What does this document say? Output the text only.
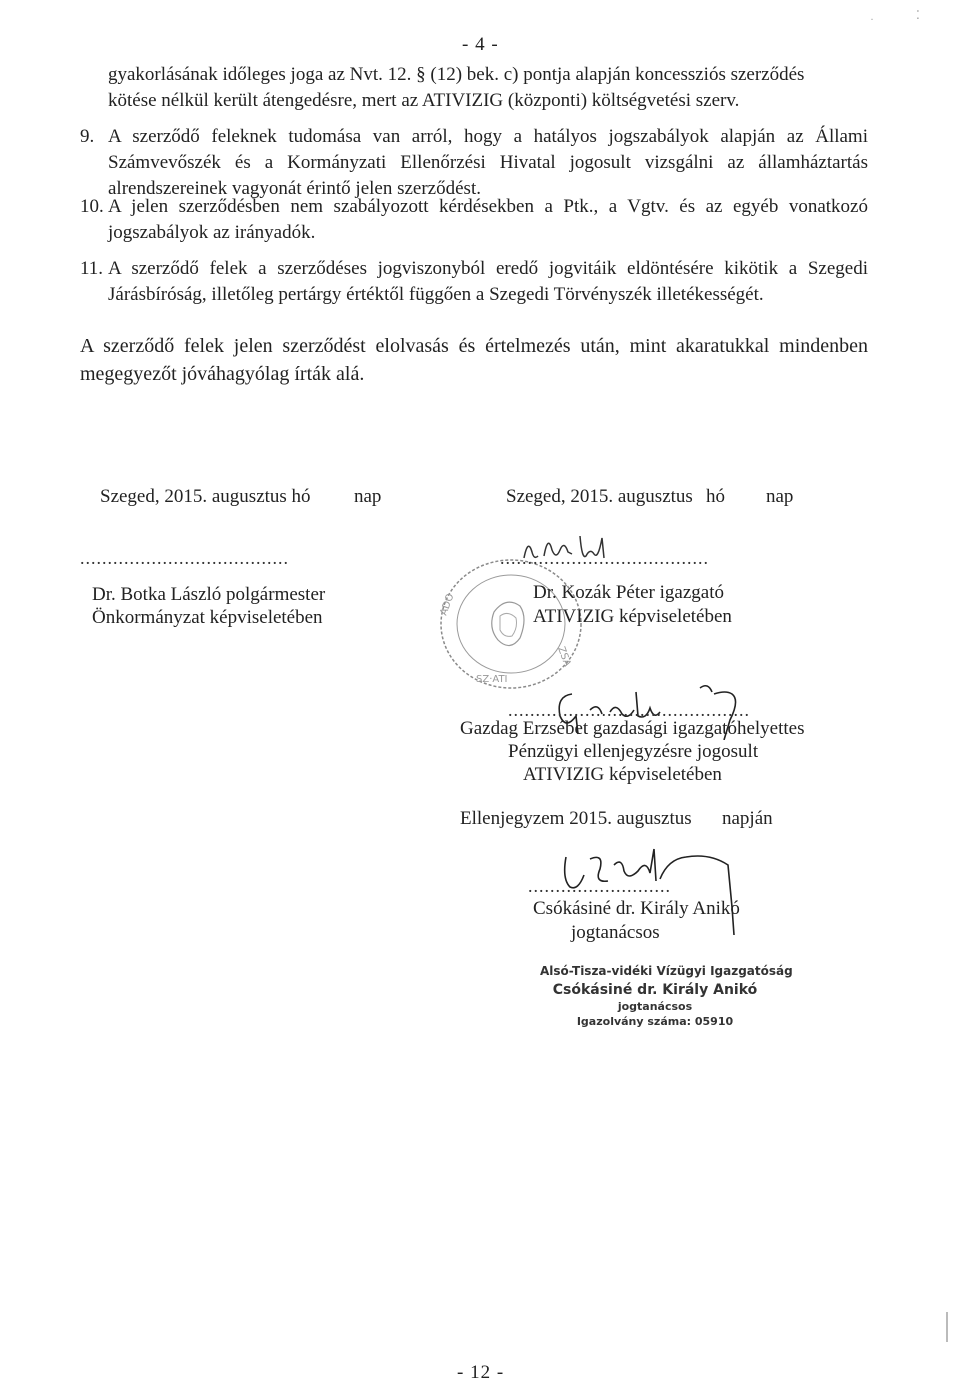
- 4 -
·	⁚
gyakorlásának időleges joga az Nvt. 12. § (12) bek. c) pontja alapján koncessziós szerződés
kötése nélkül került átengedésre, mert az ATIVIZIG (központi) költségvetési szerv.
9. A szerződő feleknek tudomása van arról, hogy a hatályos jogszabályok alapján az Állami Számvevőszék és a Kormányzati Ellenőrzési Hivatal jogosult vizsgálni az államháztartás alrendszereinek vagyonát érintő jelen szerződést.
10. A jelen szerződésben nem szabályozott kérdésekben a Ptk., a Vgtv. és az egyéb vonatkozó jogszabályok az irányadók.
11. A szerződő felek a szerződéses jogviszonyból eredő jogvitáik eldöntésére kikötik a Szegedi Járásbíróság, illetőleg pertárgy értéktől függően a Szegedi Törvényszék illetékességét.
A szerződő felek jelen szerződést elolvasás és értelmezés után, mint akaratukkal mindenben megegyezőt jóváhagyólag írták alá.
Szeged, 2015. augusztus hó nap	Szeged, 2015. augusztus hó nap
......................................
Dr. Botka László polgármester
Önkormányzat képviseletében
ADO
SZ·ATI
ZSA
......................................
Dr. Kozák Péter igazgató
ATIVIZIG képviseletében
............................................
Gazdag Erzsébet gazdasági igazgatóhelyettes
Pénzügyi ellenjegyzésre jogosult
ATIVIZIG képviseletében
Ellenjegyzem 2015. augusztus napján
..........................
Csókásiné dr. Király Anikó
jogtanácsos
Alsó-Tisza-vidéki Vízügyi Igazgatóság
Csókásiné dr. Király Anikó
jogtanácsos
Igazolvány száma: 05910
- 12 -
